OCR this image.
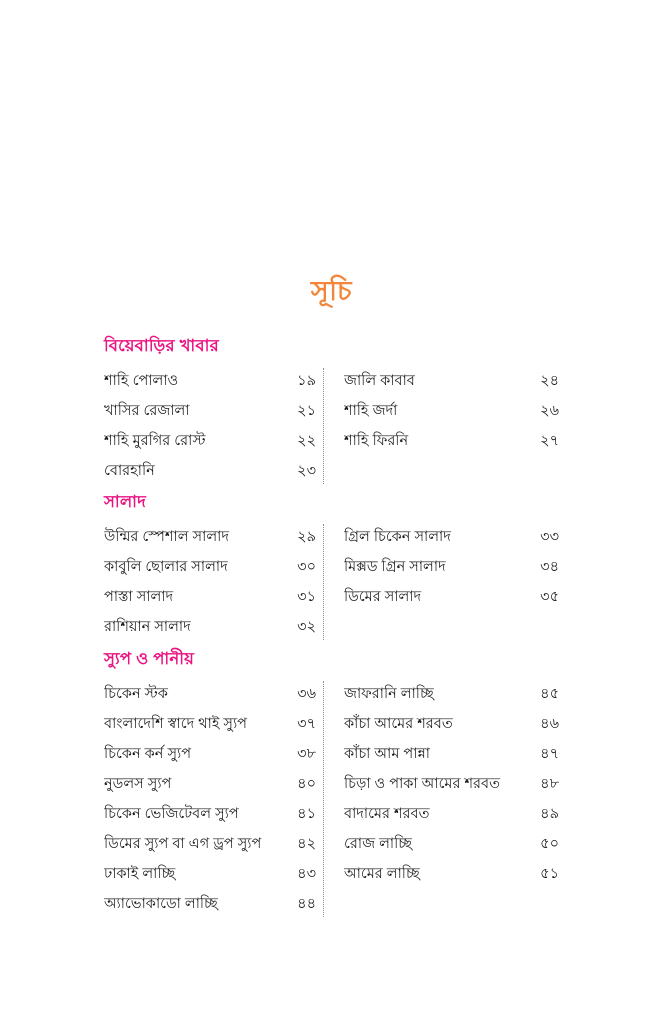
সূচি
বিয়েবাড়ির খাবার
শাহি পোলাও	১৯
খাসির রেজালা	২১
শাহি মুরগির রোস্ট	২২
বোরহানি	২৩
জালি কাবাব	২৪
শাহি জর্দা	২৬
শাহি ফিরনি	২৭
সালাদ
উন্মির স্পেশাল সালাদ	২৯
কাবুলি ছোলার সালাদ	৩০
পাস্তা সালাদ	৩১
রাশিয়ান সালাদ	৩২
গ্রিল চিকেন সালাদ	৩৩
মিক্সড গ্রিন সালাদ	৩৪
ডিমের সালাদ	৩৫
স্যুপ ও পানীয়
চিকেন স্টক	৩৬
বাংলাদেশি স্বাদে থাই স্যুপ	৩৭
চিকেন কর্ন স্যুপ	৩৮
নুডলস স্যুপ	৪০
চিকেন ভেজিটেবল স্যুপ	৪১
ডিমের স্যুপ বা এগ ড্রপ স্যুপ	৪২
ঢাকাই লাচ্ছি	৪৩
অ্যাভোকাডো লাচ্ছি	৪৪
জাফরানি লাচ্ছি	৪৫
কাঁচা আমের শরবত	৪৬
কাঁচা আম পান্না	৪৭
চিড়া ও পাকা আমের শরবত	৪৮
বাদামের শরবত	৪৯
রোজ লাচ্ছি	৫০
আমের লাচ্ছি	৫১
